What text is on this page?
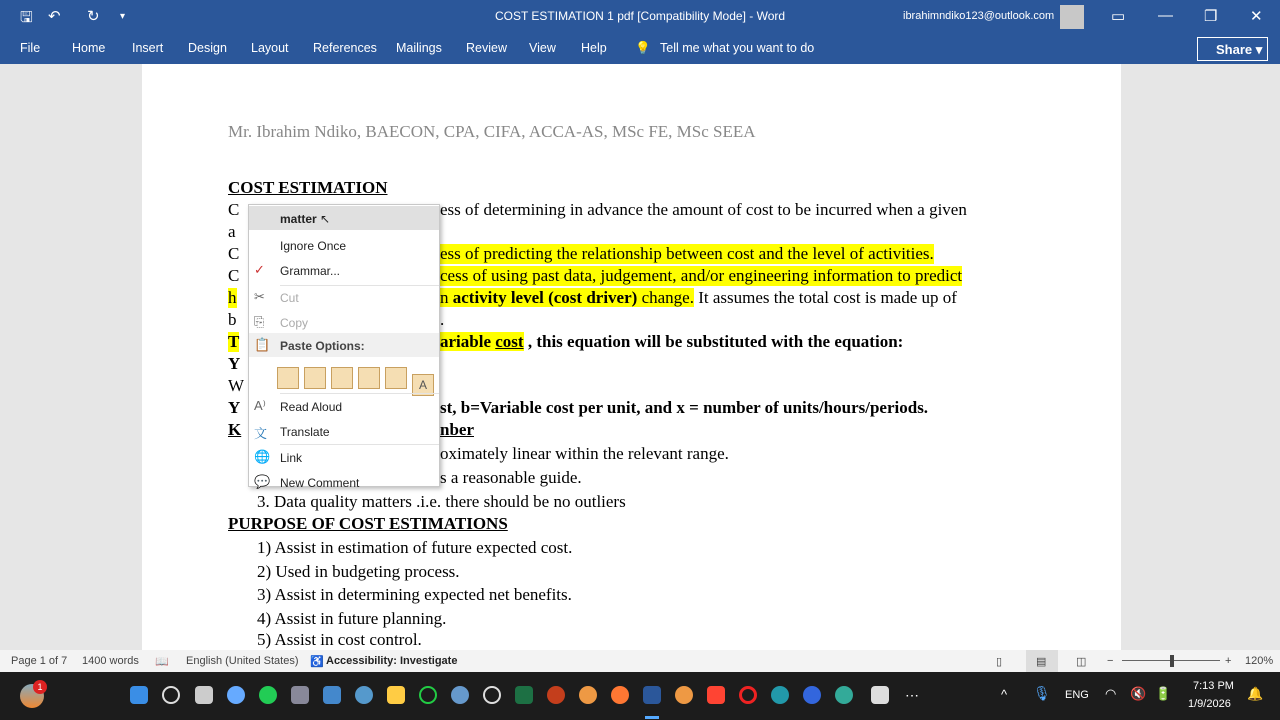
🖫 ↶ ↻ ▾	COST ESTIMATION 1 pdf [Compatibility Mode] - Word	ibrahimndiko123@outlook.com	▭ — ❐ ✕
File	Home Insert Design Layout References Mailings Review View Help 💡 Tell me what you want to do	Share ▾
Mr. Ibrahim Ndiko, BAECON, CPA, CIFA, ACCA-AS, MSc FE, MSc SEEA
COST ESTIMATION
C	ess of determining in advance the amount of cost to be incurred when a given
a
C	ess of predicting the relationship between cost and the level of activities.
C	cess of using past data, judgement, and/or engineering information to predict
h	n activity level (cost driver) change. It assumes the total cost is made up of
b	.
T	ariable cost , this equation will be substituted with the equation:
Y
W
Y	st, b=Variable cost per unit, and x = number of units/hours/periods.
K	nber
oximately linear within the relevant range.
s a reasonable guide.
3. Data quality matters .i.e. there should be no outliers
PURPOSE OF COST ESTIMATIONS
1) Assist in estimation of future expected cost.
2) Used in budgeting process.
3) Assist in determining expected net benefits.
4) Assist in future planning.
5) Assist in cost control.
matter ↖
Ignore Once
✓ Grammar...
✂ Cut
⎘ Copy
📋 Paste Options:
A
A⁾ Read Aloud
文 Translate
🌐 Link
💬 New Comment
Page 1 of 7 1400 words 📖 English (United States) ♿ Accessibility: Investigate	▯	▤	◫ −	+ 120%
1	⋯	^ 🎙 ENG ◠ 🔇 🔋 7:13 PM
1/9/2026
🔔
